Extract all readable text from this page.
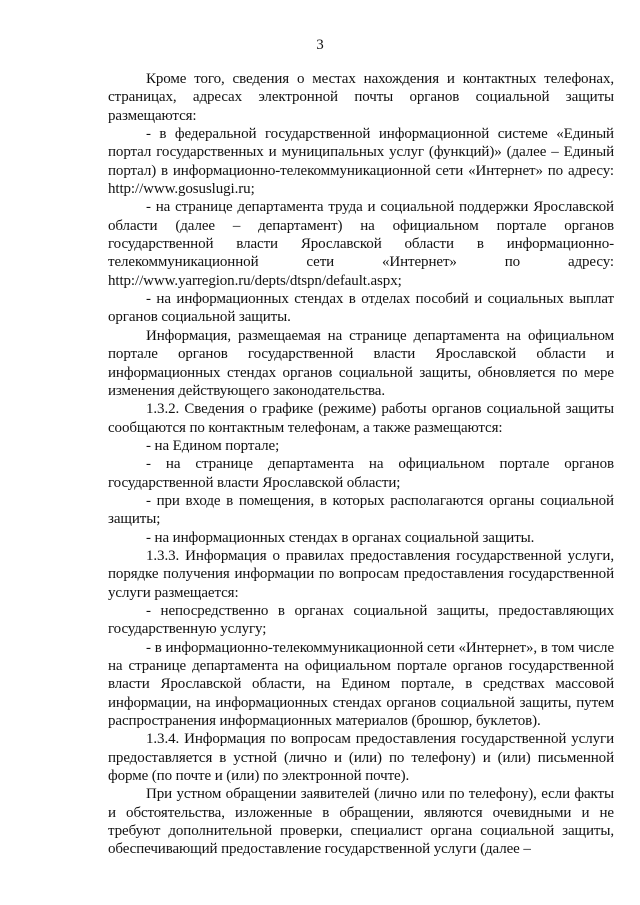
3

Кроме того, сведения о местах нахождения и контактных телефонах, страницах, адресах электронной почты органов социальной защиты размещаются:

- в федеральной государственной информационной системе «Единый портал государственных и муниципальных услуг (функций)» (далее – Единый портал) в информационно-телекоммуникационной сети «Интернет» по адресу: http://www.gosuslugi.ru;

- на странице департамента труда и социальной поддержки Ярославской области (далее – департамент) на официальном портале органов государственной власти Ярославской области в информационно-телекоммуникационной сети «Интернет» по адресу: http://www.yarregion.ru/depts/dtspn/default.aspx;

- на информационных стендах в отделах пособий и социальных выплат органов социальной защиты.

Информация, размещаемая на странице департамента на официальном портале органов государственной власти Ярославской области и информационных стендах органов социальной защиты, обновляется по мере изменения действующего законодательства.

1.3.2. Сведения о графике (режиме) работы органов социальной защиты сообщаются по контактным телефонам, а также размещаются:

- на Едином портале;

- на странице департамента на официальном портале органов государственной власти Ярославской области;

- при входе в помещения, в которых располагаются органы социальной защиты;

- на информационных стендах в органах социальной защиты.

1.3.3. Информация о правилах предоставления государственной услуги, порядке получения информации по вопросам предоставления государственной услуги размещается:

- непосредственно в органах социальной защиты, предоставляющих государственную услугу;

- в информационно-телекоммуникационной сети «Интернет», в том числе на странице департамента на официальном портале органов государственной власти Ярославской области, на Едином портале, в средствах массовой информации, на информационных стендах органов социальной защиты, путем распространения информационных материалов (брошюр, буклетов).

1.3.4. Информация по вопросам предоставления государственной услуги предоставляется в устной (лично и (или) по телефону) и (или) письменной форме (по почте и (или) по электронной почте).

При устном обращении заявителей (лично или по телефону), если факты и обстоятельства, изложенные в обращении, являются очевидными и не требуют дополнительной проверки, специалист органа социальной защиты, обеспечивающий предоставление государственной услуги (далее –
